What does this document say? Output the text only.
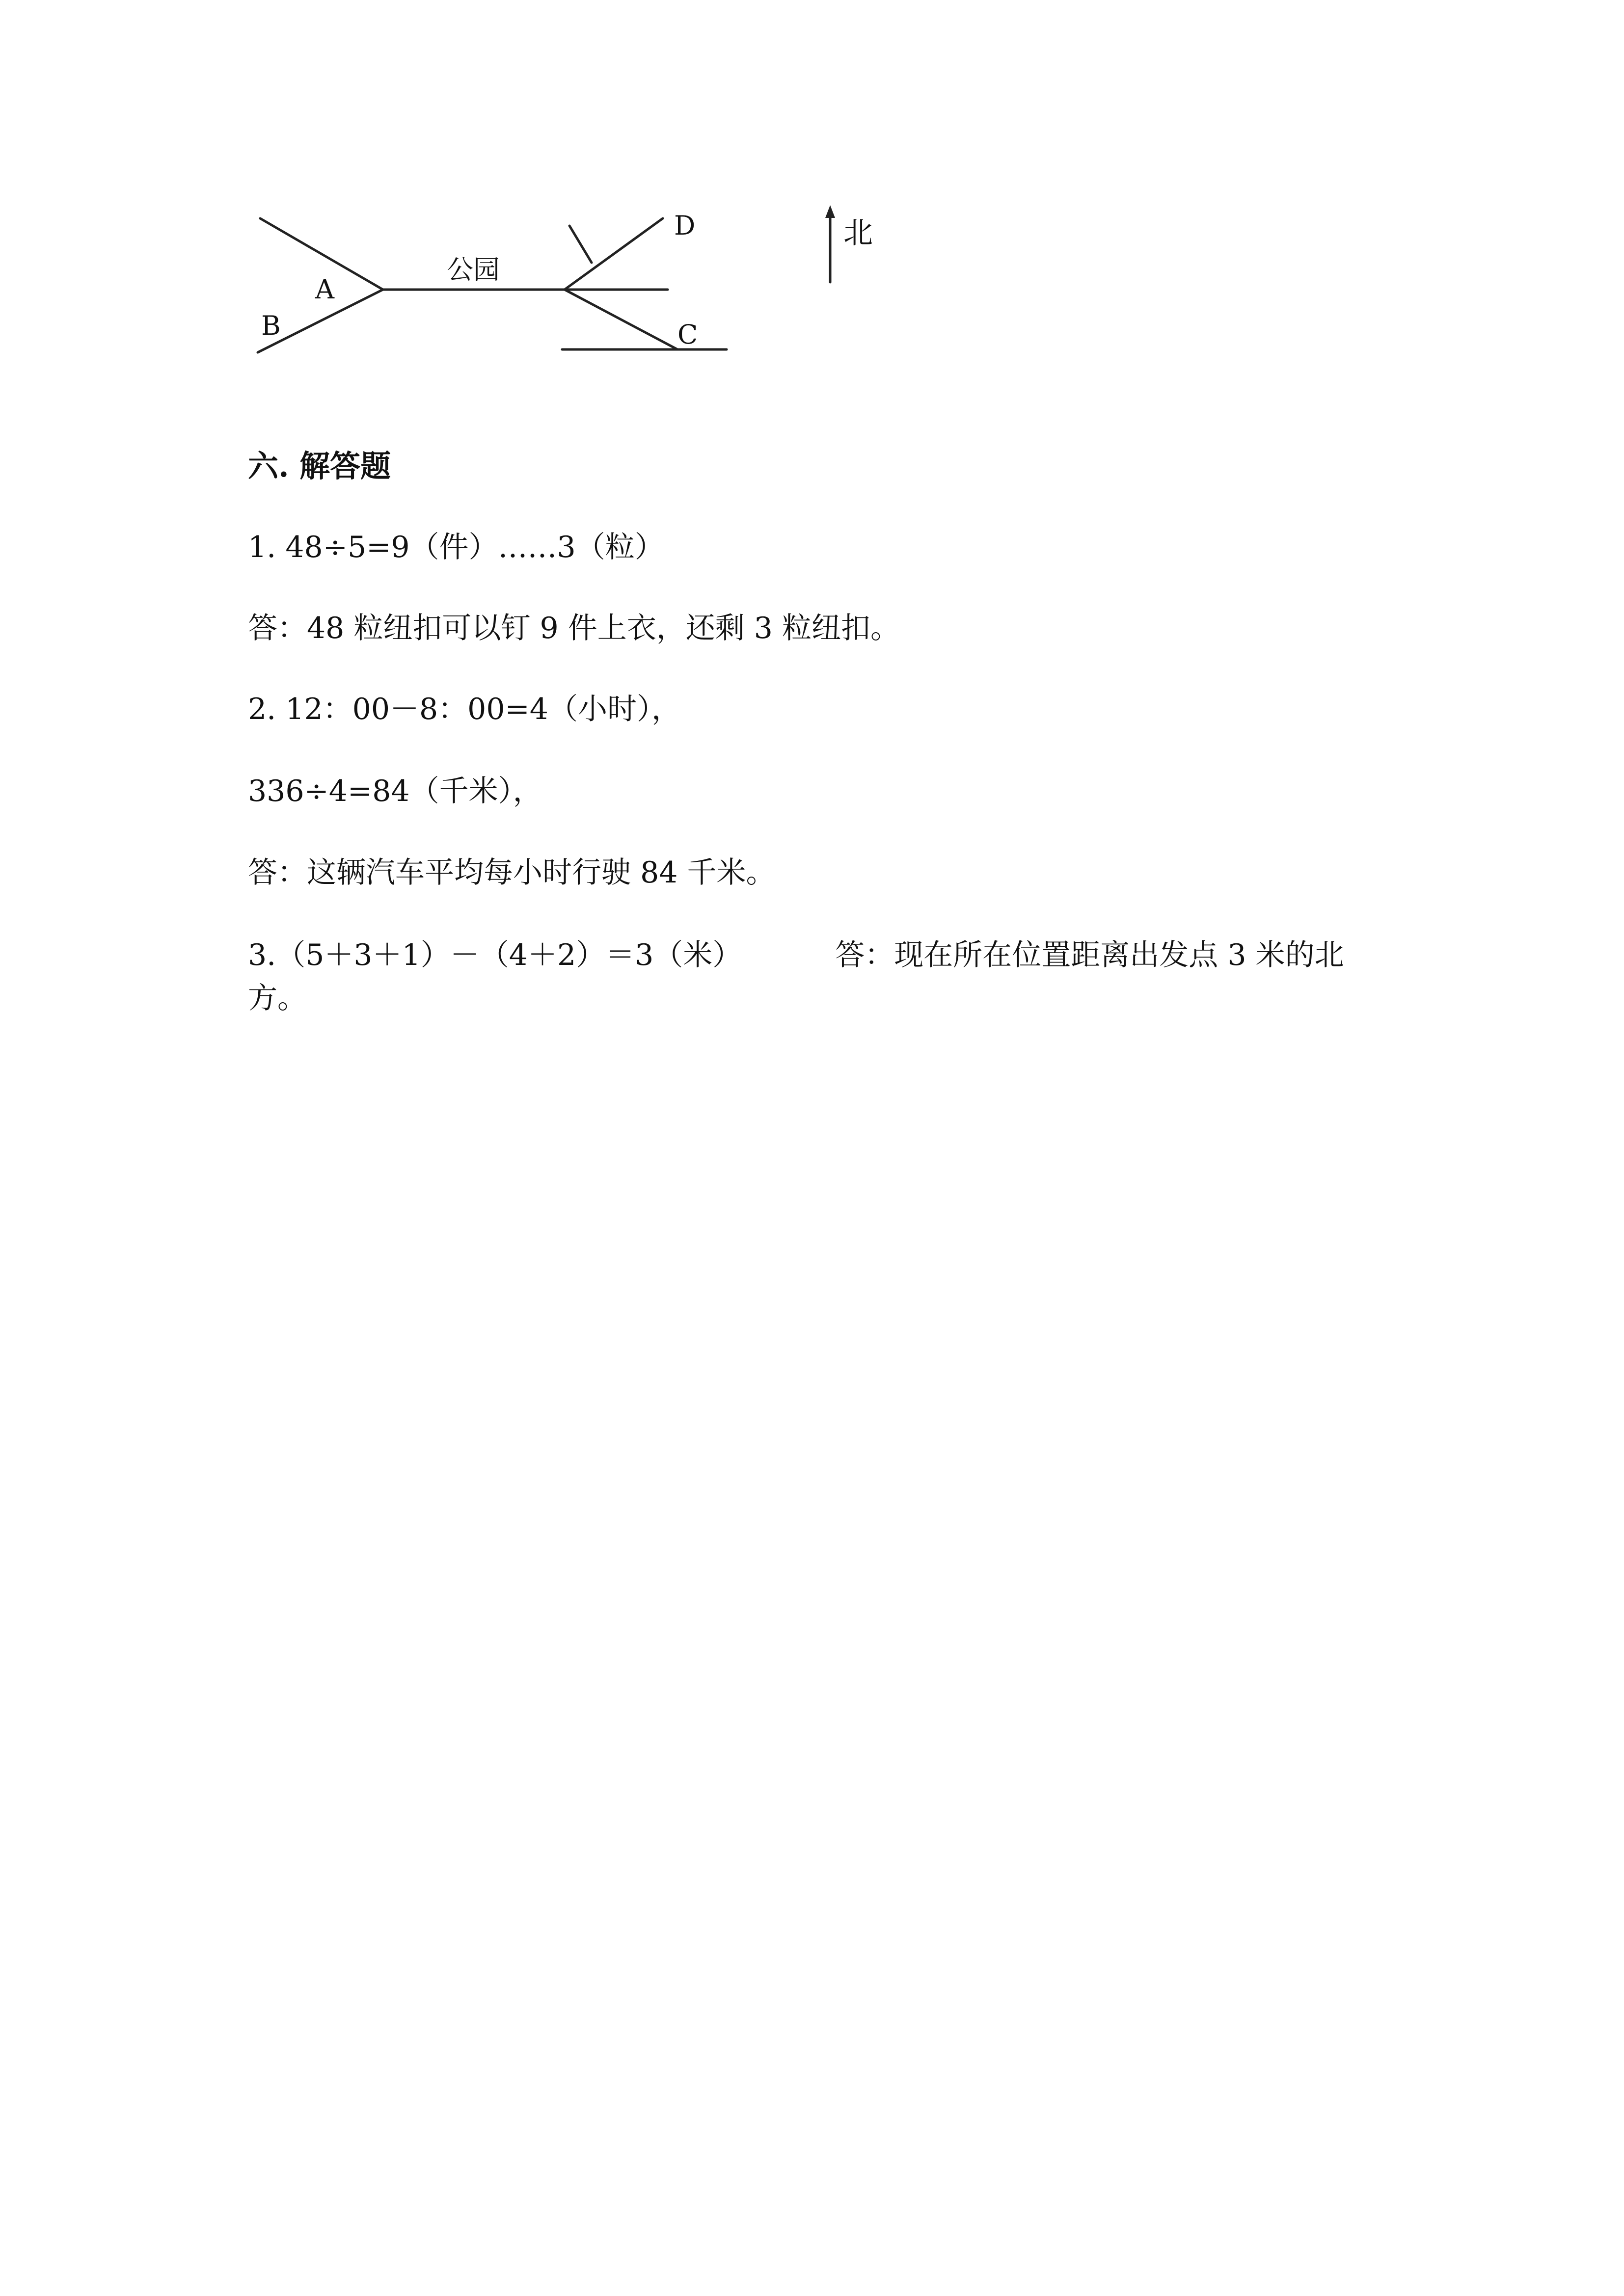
A
B
公园
D
C
北
六. 解答题
1. 48÷5=9（件）……3（粒）
答：48 粒纽扣可以钉 9 件上衣，还剩 3 粒纽扣。
2. 12：00－8：00=4（小时），
336÷4=84（千米），
答：这辆汽车平均每小时行驶 84 千米。
3.（5＋3＋1）－（4＋2）＝3（米）	答：现在所在位置距离出发点 3 米的北方。
